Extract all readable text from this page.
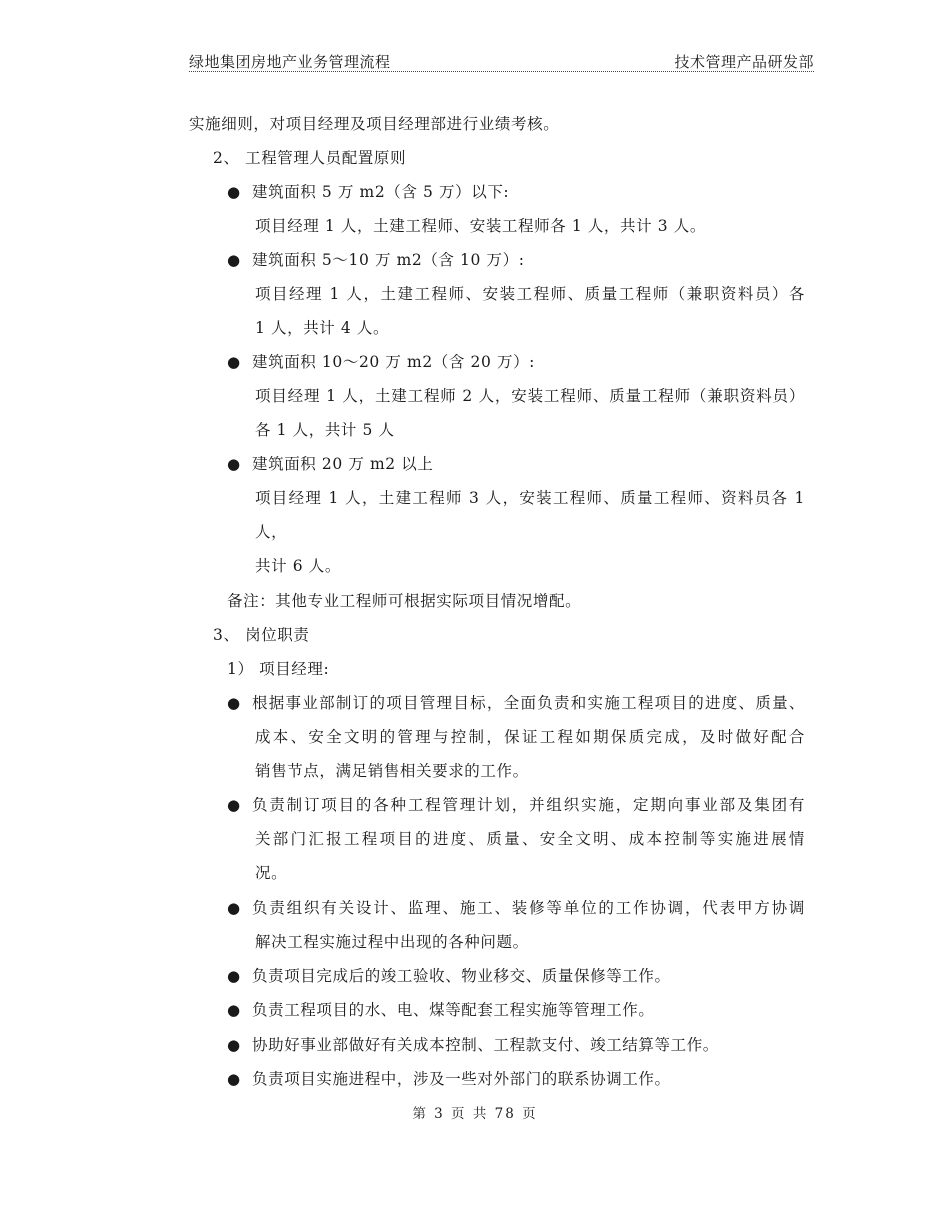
绿地集团房地产业务管理流程	技术管理产品研发部
实施细则，对项目经理及项目经理部进行业绩考核。
2、 工程管理人员配置原则
● 建筑面积 5 万 m2（含 5 万）以下:
项目经理 1 人，土建工程师、安装工程师各 1 人，共计 3 人。
● 建筑面积 5～10 万 m2（含 10 万）:
项目经理 1 人，土建工程师、安装工程师、质量工程师（兼职资料员）各
1 人，共计 4 人。
● 建筑面积 10～20 万 m2（含 20 万）:
项目经理 1 人，土建工程师 2 人，安装工程师、质量工程师（兼职资料员）
各 1 人，共计 5 人
● 建筑面积 20 万 m2 以上
项目经理 1 人，土建工程师 3 人，安装工程师、质量工程师、资料员各 1
人，
共计 6 人。
备注：其他专业工程师可根据实际项目情况增配。
3、 岗位职责
1） 项目经理:
● 根据事业部制订的项目管理目标，全面负责和实施工程项目的进度、质量、
成本、安全文明的管理与控制，保证工程如期保质完成，及时做好配合
销售节点，满足销售相关要求的工作。
● 负责制订项目的各种工程管理计划，并组织实施，定期向事业部及集团有
关部门汇报工程项目的进度、质量、安全文明、成本控制等实施进展情
况。
● 负责组织有关设计、监理、施工、装修等单位的工作协调，代表甲方协调
解决工程实施过程中出现的各种问题。
● 负责项目完成后的竣工验收、物业移交、质量保修等工作。
● 负责工程项目的水、电、煤等配套工程实施等管理工作。
● 协助好事业部做好有关成本控制、工程款支付、竣工结算等工作。
● 负责项目实施进程中，涉及一些对外部门的联系协调工作。
第 3 页 共 78 页
